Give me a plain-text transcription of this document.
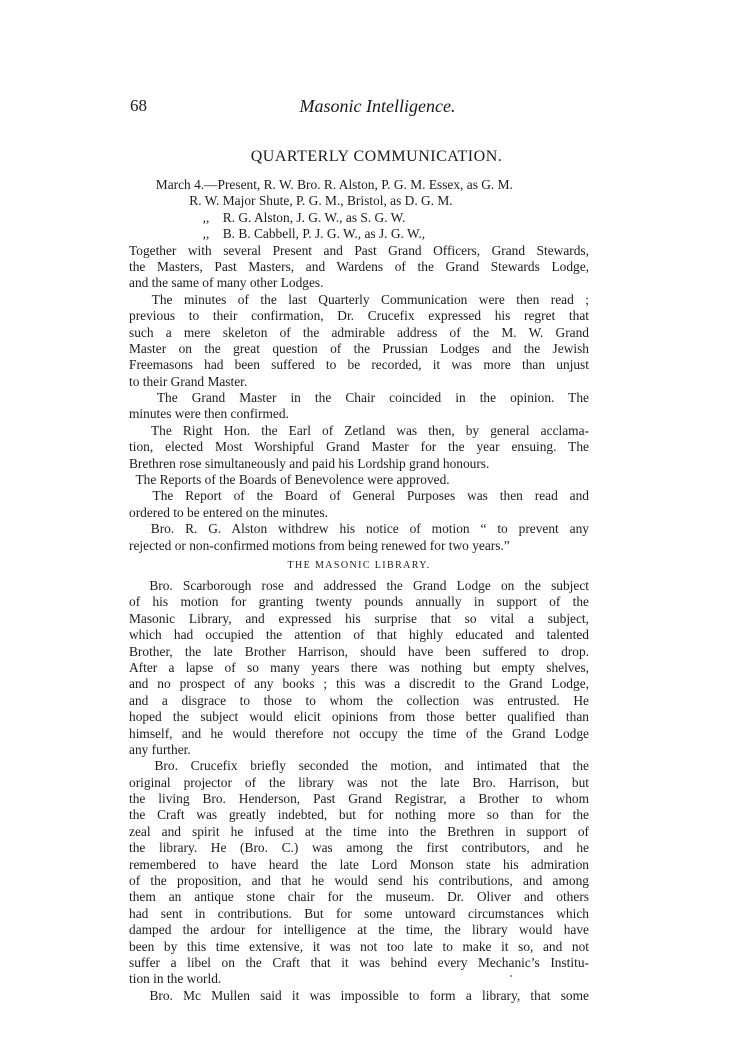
68	Masonic Intelligence.
QUARTERLY COMMUNICATION.
March 4.—Present, R. W. Bro. R. Alston, P. G. M. Essex, as G. M.
R. W. Major Shute, P. G. M., Bristol, as D. G. M.
,,    R. G. Alston, J. G. W., as S. G. W.
,,    B. B. Cabbell, P. J. G. W., as J. G. W.,
Together with several Present and Past Grand Officers, Grand Stewards,
the Masters, Past Masters, and Wardens of the Grand Stewards Lodge,
and the same of many other Lodges.
The minutes of the last Quarterly Communication were then read ;
previous to their confirmation, Dr. Crucefix expressed his regret that
such a mere skeleton of the admirable address of the M. W. Grand
Master on the great question of the Prussian Lodges and the Jewish
Freemasons had been suffered to be recorded, it was more than unjust
to their Grand Master.
The Grand Master in the Chair coincided in the opinion. The
minutes were then confirmed.
The Right Hon. the Earl of Zetland was then, by general acclama-
tion, elected Most Worshipful Grand Master for the year ensuing. The
Brethren rose simultaneously and paid his Lordship grand honours.
The Reports of the Boards of Benevolence were approved.
The Report of the Board of General Purposes was then read and
ordered to be entered on the minutes.
Bro. R. G. Alston withdrew his notice of motion “ to prevent any
rejected or non-confirmed motions from being renewed for two years.”
THE MASONIC LIBRARY.
Bro. Scarborough rose and addressed the Grand Lodge on the subject
of his motion for granting twenty pounds annually in support of the
Masonic Library, and expressed his surprise that so vital a subject,
which had occupied the attention of that highly educated and talented
Brother, the late Brother Harrison, should have been suffered to drop.
After a lapse of so many years there was nothing but empty shelves,
and no prospect of any books ; this was a discredit to the Grand Lodge,
and a disgrace to those to whom the collection was entrusted. He
hoped the subject would elicit opinions from those better qualified than
himself, and he would therefore not occupy the time of the Grand Lodge
any further.
Bro. Crucefix briefly seconded the motion, and intimated that the
original projector of the library was not the late Bro. Harrison, but
the living Bro. Henderson, Past Grand Registrar, a Brother to whom
the Craft was greatly indebted, but for nothing more so than for the
zeal and spirit he infused at the time into the Brethren in support of
the library. He (Bro. C.) was among the first contributors, and he
remembered to have heard the late Lord Monson state his admiration
of the proposition, and that he would send his contributions, and among
them an antique stone chair for the museum. Dr. Oliver and others
had sent in contributions. But for some untoward circumstances which
damped the ardour for intelligence at the time, the library would have
been by this time extensive, it was not too late to make it so, and not
suffer a libel on the Craft that it was behind every Mechanic’s Institu-
tion in the world.
Bro. Mc Mullen said it was impossible to form a library, that some
